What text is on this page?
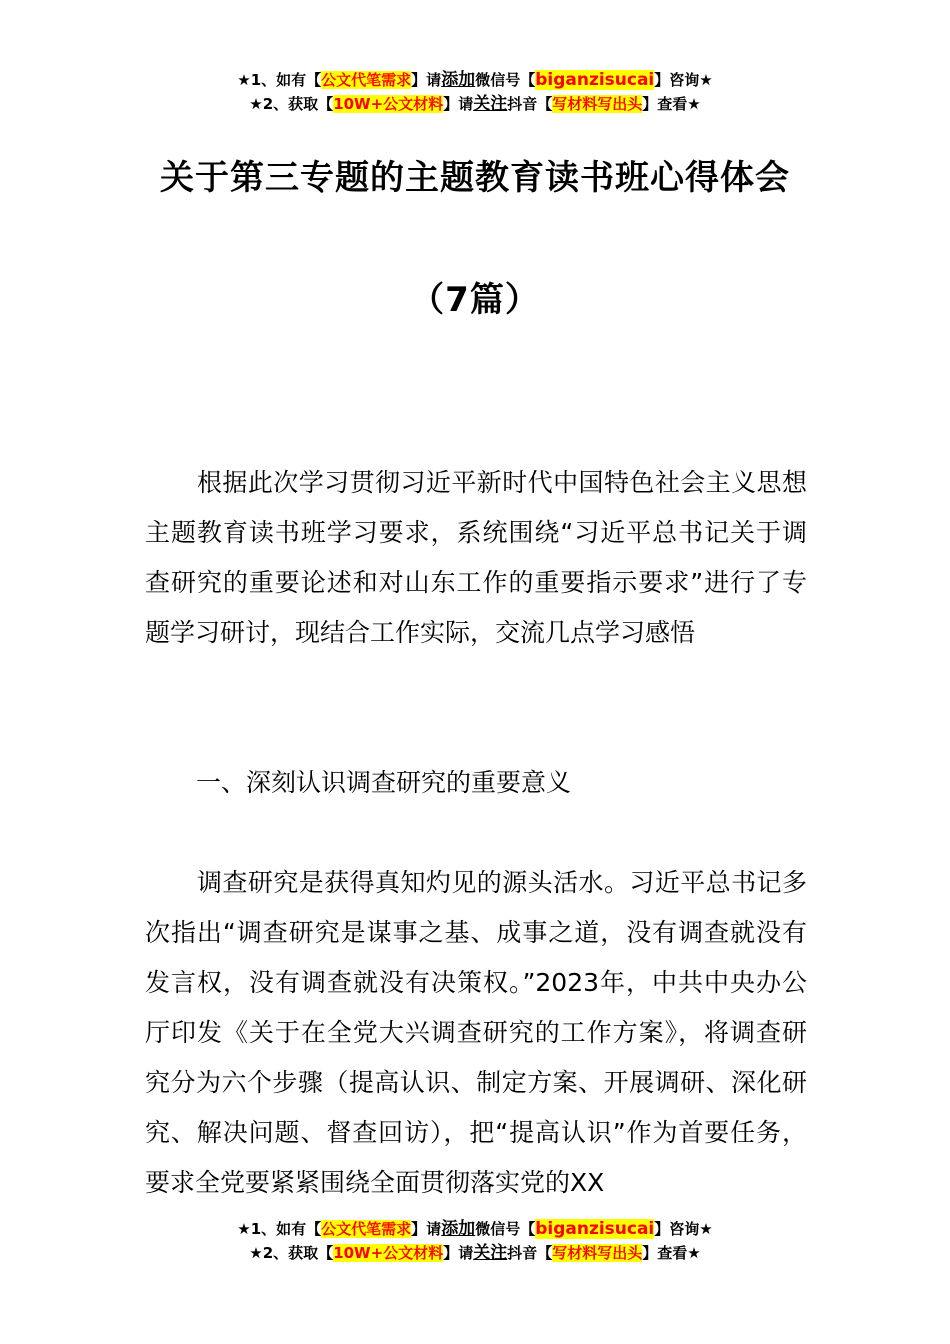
★1、如有【公文代笔需求】请添加微信号【biganzisucai】咨询★
★2、获取【10W+公文材料】请关注抖音【写材料写出头】查看★
关于第三专题的主题教育读书班心得体会
（7篇）
根据此次学习贯彻习近平新时代中国特色社会主义思想主题教育读书班学习要求，系统围绕“习近平总书记关于调查研究的重要论述和对山东工作的重要指示要求”进行了专题学习研讨，现结合工作实际，交流几点学习感悟
一、深刻认识调查研究的重要意义
调查研究是获得真知灼见的源头活水。习近平总书记多次指出“调查研究是谋事之基、成事之道，没有调查就没有发言权，没有调查就没有决策权。”2023年，中共中央办公厅印发《关于在全党大兴调查研究的工作方案》，将调查研究分为六个步骤（提高认识、制定方案、开展调研、深化研究、解决问题、督查回访），把“提高认识”作为首要任务，要求全党要紧紧围绕全面贯彻落实党的XX
★1、如有【公文代笔需求】请添加微信号【biganzisucai】咨询★
★2、获取【10W+公文材料】请关注抖音【写材料写出头】查看★
